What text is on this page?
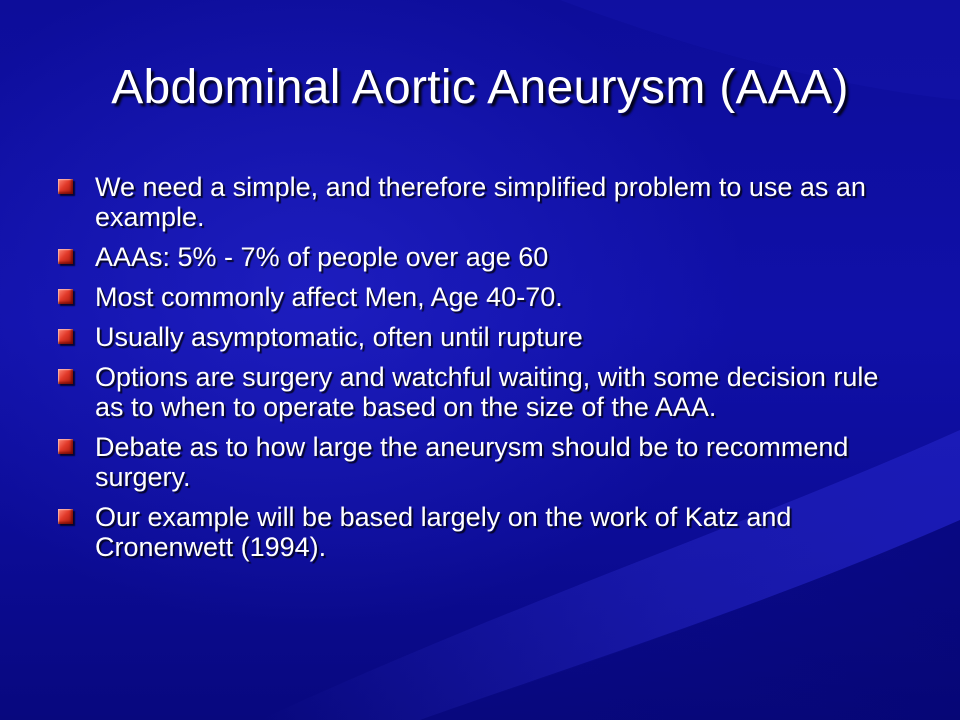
Abdominal Aortic Aneurysm (AAA)
We need a simple, and therefore simplified problem to use as an example.
AAAs: 5% - 7% of people over age 60
Most commonly affect Men, Age 40-70.
Usually asymptomatic, often until rupture
Options are surgery and watchful waiting, with some decision rule as to when to operate based on the size of the AAA.
Debate as to how large the aneurysm should be to recommend surgery.
Our example will be based largely on the work of Katz and Cronenwett (1994).
